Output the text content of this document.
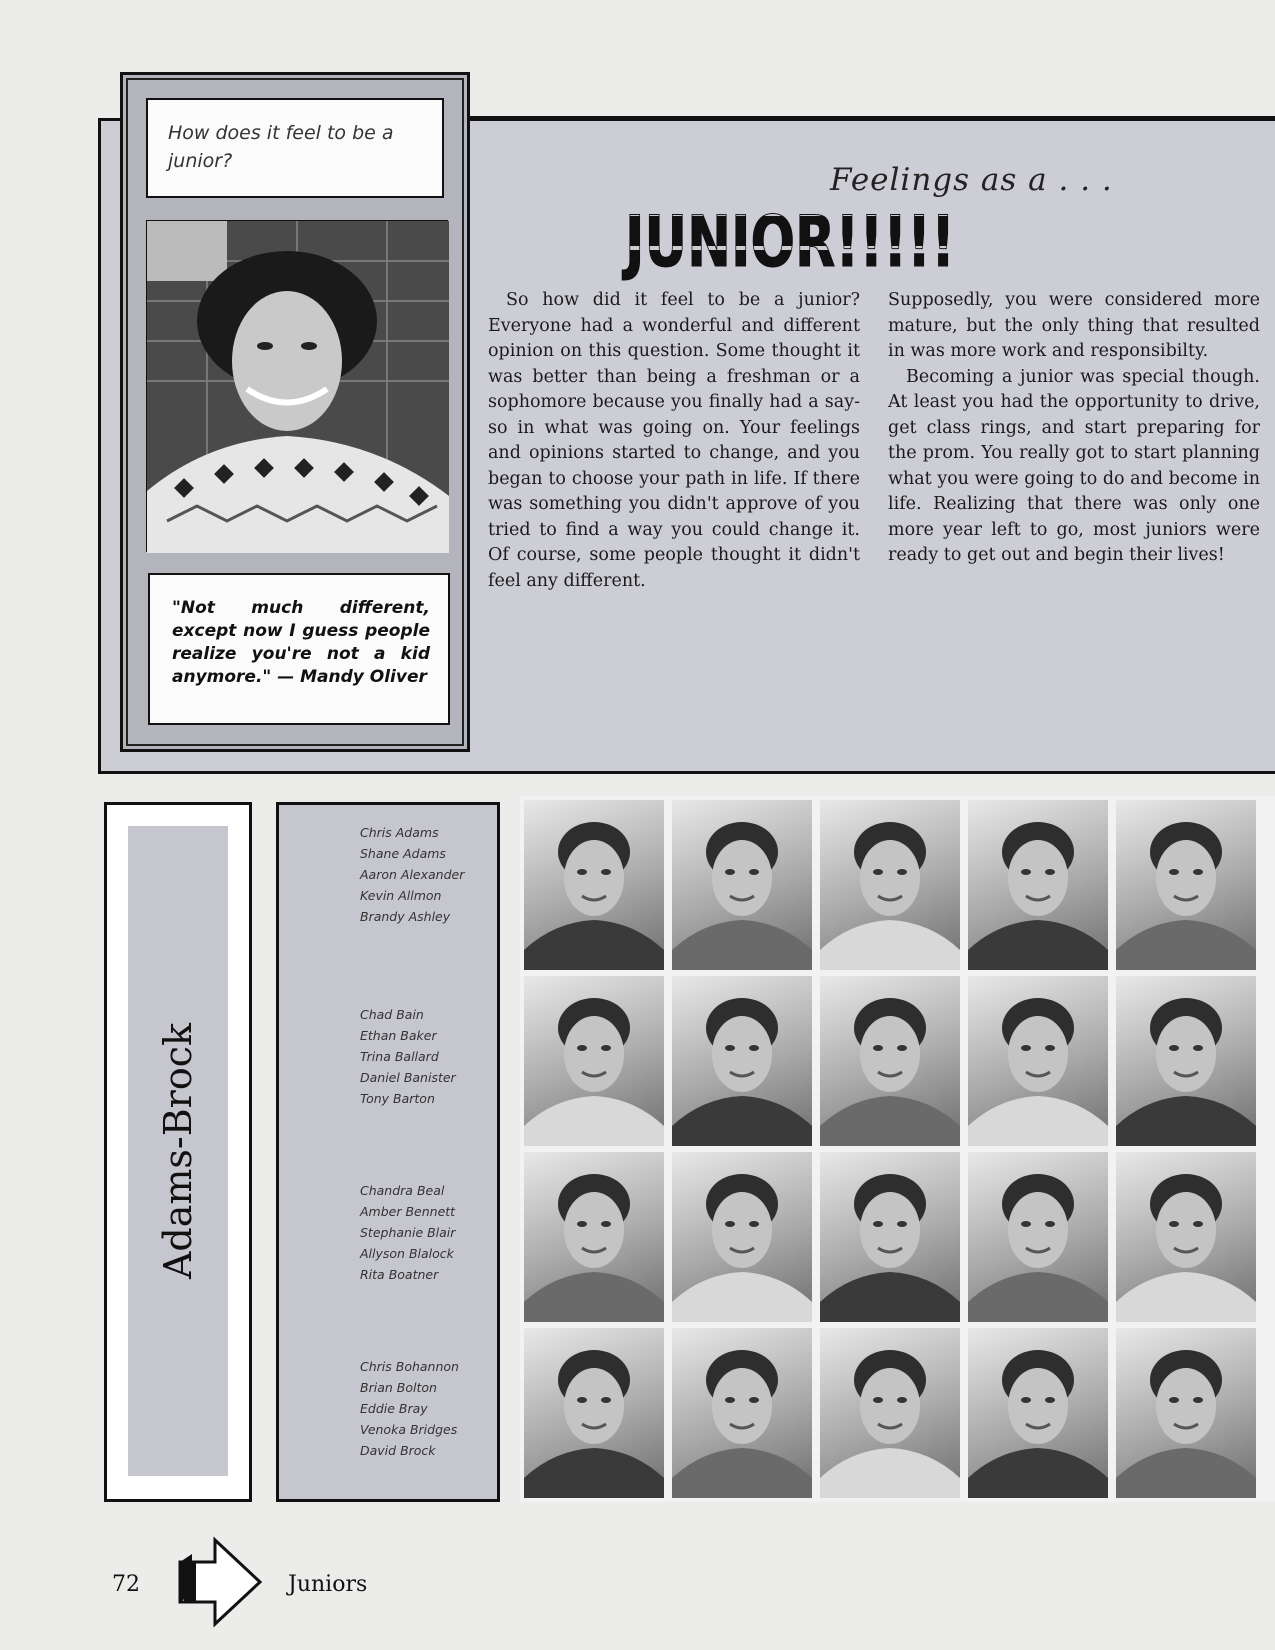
How does it feel to be a junior?
"Not much different, except now I guess people realize you're not a kid anymore." — Mandy Oliver
Feelings as a . . .
JUNIOR!!!!!

So how did it feel to be a junior? Everyone had a wonderful and different opinion on this question. Some thought it was better than being a freshman or a sophomore because you finally had a say-so in what was going on. Your feelings and opinions started to change, and you began to choose your path in life. If there was something you didn't approve of you tried to find a way you could change it. Of course, some people thought it didn't feel any different.

Supposedly, you were considered more mature, but the only thing that resulted in was more work and responsibilty.

Becoming a junior was special though. At least you had the opportunity to drive, get class rings, and start preparing for the prom. You really got to start planning what you were going to do and become in life. Realizing that there was only one more year left to go, most juniors were ready to get out and begin their lives!

Adams-Brock
Chris Adams
Shane Adams
Aaron Alexander
Kevin Allmon
Brandy Ashley
Chad Bain
Ethan Baker
Trina Ballard
Daniel Banister
Tony Barton
Chandra Beal
Amber Bennett
Stephanie Blair
Allyson Blalock
Rita Boatner
Chris Bohannon
Brian Bolton
Eddie Bray
Venoka Bridges
David Brock
72	Juniors
